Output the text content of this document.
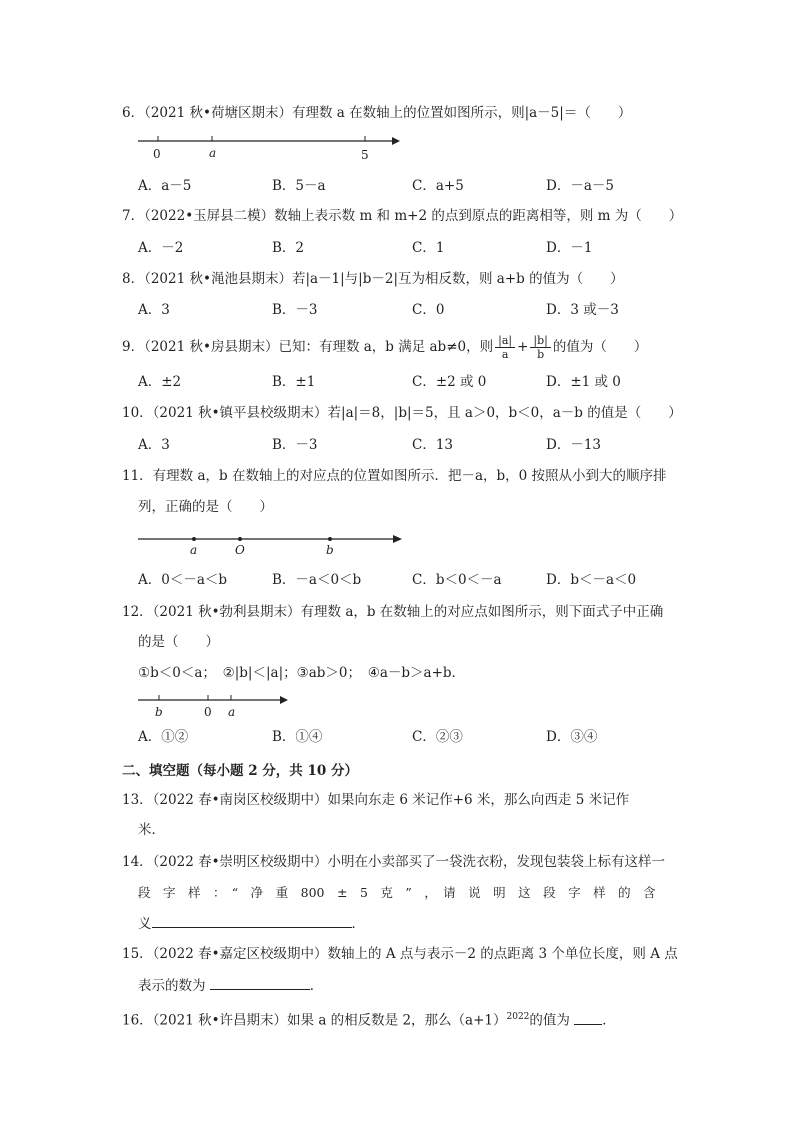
6．（2021 秋•荷塘区期末）有理数 a 在数轴上的位置如图所示，则|a－5|＝（　　）
0	a	5
A．a－5	B．5－a	C．a+5	D．－a－5
7．（2022•玉屏县二模）数轴上表示数 m 和 m+2 的点到原点的距离相等，则 m 为（　　）
A．－2	B．2	C．1	D．－1
8．（2021 秋•渑池县期末）若|a－1|与|b－2|互为相反数，则 a+b 的值为（　　）
A．3	B．－3	C．0	D．3 或－3
9．（2021 秋•房县期末）已知：有理数 a，b 满足 ab≠0，则 $\frac{|a|}{a} + \frac{|b|}{b}$ 的值为（　　）
A．±2	B．±1	C．±2 或 0	D．±1 或 0
10．（2021 秋•镇平县校级期末）若|a|＝8，|b|＝5，且 a＞0，b＜0，a－b 的值是（　　）
A．3	B．－3	C．13	D．－13
11．有理数 a，b 在数轴上的对应点的位置如图所示．把－a，b，0 按照从小到大的顺序排
列，正确的是（　　）
a	O	b
A．0＜－a＜b	B．－a＜0＜b	C．b＜0＜－a	D．b＜－a＜0
12．（2021 秋•勃利县期末）有理数 a，b 在数轴上的对应点如图所示，则下面式子中正确
的是（　　）
①b＜0＜a；　②|b|＜|a|；③ab＞0；　④a－b＞a+b．
b	0 a
A．①②	B．①④	C．②③	D．③④
二、填空题（每小题 2 分，共 10 分）
13．（2022 春•南岗区校级期中）如果向东走 6 米记作+6 米，那么向西走 5 米记作
米．
14．（2022 春•崇明区校级期中）小明在小卖部买了一袋洗衣粉，发现包装袋上标有这样一
段　字　样　：　“　净　重　800　±　5　克　”　，　请　说　明　这　段　字　样　的　含
义	．
15．（2022 春•嘉定区校级期中）数轴上的 A 点与表示－2 的点距离 3 个单位长度，则 A 点
表示的数为	．
16．（2021 秋•许昌期末）如果 a 的相反数是 2，那么$(a+1)^{2022}$的值为 ．
